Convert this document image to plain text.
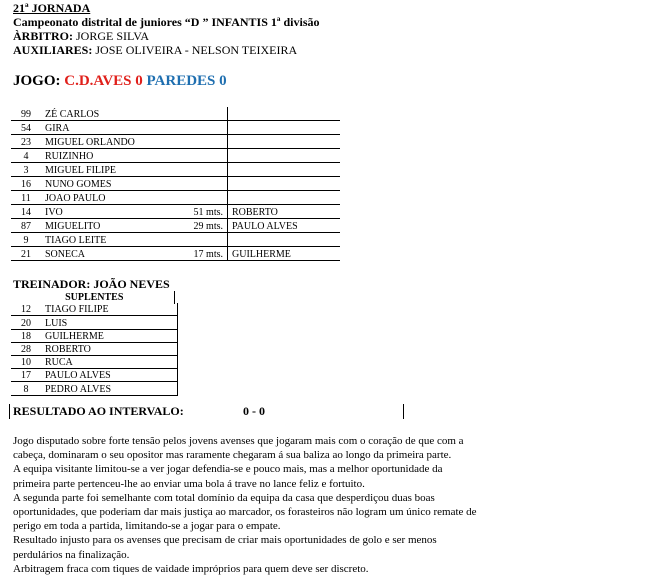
21ª JORNADA
Campeonato distrital de juniores “D ” INFANTIS 1ª divisão
ÀRBITRO: JORGE SILVA
AUXILIARES: JOSE OLIVEIRA - NELSON TEIXEIRA
JOGO: C.D.AVES 0 PAREDES 0
99	ZÉ CARLOS		
54	GIRA		
23	MIGUEL ORLANDO		
4	RUIZINHO		
3	MIGUEL FILIPE		
16	NUNO GOMES		
11	JOAO PAULO		
14	IVO	51 mts.	ROBERTO
87	MIGUELITO	29 mts.	PAULO ALVES
9	TIAGO LEITE		
21	SONECA	17 mts.	GUILHERME
TREINADOR: JOÃO NEVES
SUPLENTES	
12	TIAGO FILIPE
20	LUIS
18	GUILHERME
28	ROBERTO
10	RUCA
17	PAULO ALVES
8	PEDRO ALVES
RESULTADO AO INTERVALO:	0 - 0

Jogo disputado sobre forte tensão pelos jovens avenses que jogaram mais com o coração de que com a
cabeça, dominaram o seu opositor mas raramente chegaram á sua baliza ao longo da primeira parte.

A equipa visitante limitou-se a ver jogar defendia-se e pouco mais, mas a melhor oportunidade da
primeira parte pertenceu-lhe ao enviar uma bola á trave no lance feliz e fortuito.

A segunda parte foi semelhante com total domínio da equipa da casa que desperdiçou duas boas
oportunidades, que poderiam dar mais justiça ao marcador, os forasteiros não logram um único remate de
perigo em toda a partida, limitando-se a jogar para o empate.

Resultado injusto para os avenses que precisam de criar mais oportunidades de golo e ser menos
perdulários na finalização.

Arbitragem fraca com tiques de vaidade impróprios para quem deve ser discreto.
